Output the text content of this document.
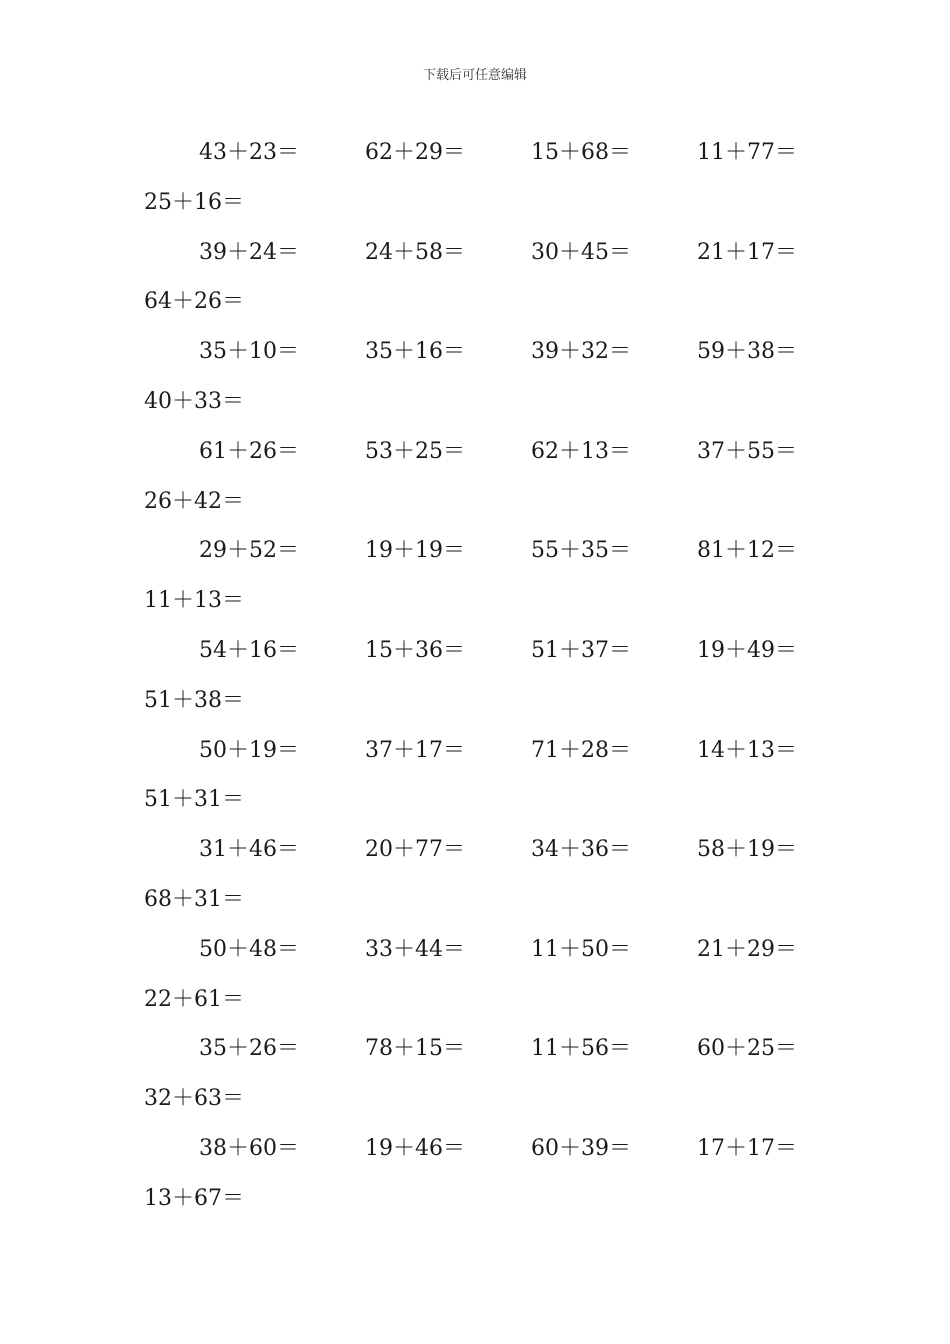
下载后可任意编辑
43＋23＝	62＋29＝	15＋68＝	11＋77＝
25＋16＝
39＋24＝	24＋58＝	30＋45＝	21＋17＝
64＋26＝
35＋10＝	35＋16＝	39＋32＝	59＋38＝
40＋33＝
61＋26＝	53＋25＝	62＋13＝	37＋55＝
26＋42＝
29＋52＝	19＋19＝	55＋35＝	81＋12＝
11＋13＝
54＋16＝	15＋36＝	51＋37＝	19＋49＝
51＋38＝
50＋19＝	37＋17＝	71＋28＝	14＋13＝
51＋31＝
31＋46＝	20＋77＝	34＋36＝	58＋19＝
68＋31＝
50＋48＝	33＋44＝	11＋50＝	21＋29＝
22＋61＝
35＋26＝	78＋15＝	11＋56＝	60＋25＝
32＋63＝
38＋60＝	19＋46＝	60＋39＝	17＋17＝
13＋67＝
